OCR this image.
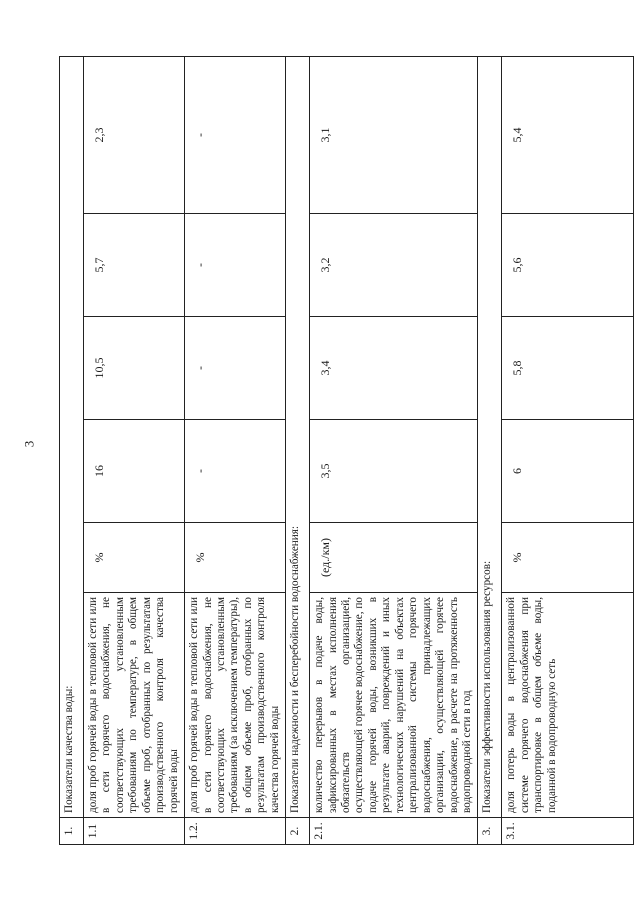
3
1.	Показатели качества воды:					
1.1	доля проб горячей воды в тепловой сети или в сети горячего водоснабжения, не соответствующих установленным требованиям по температуре, в общем объеме проб, отобранных по результатам производственного контроля качества горячей воды	%	16	10,5	5,7	2,3
1.2.	доля проб горячей воды в тепловой сети или в сети горячего водоснабжения, не соответствующих установленным требованиям (за исключением температуры), в общем объеме проб, отобранных по результатам производственного контроля качества горячей воды	%	-	-	-	-
2.	Показатели надежности и бесперебойности водоснабжения:					
2.1.	количество перерывов в подаче воды, зафиксированных в местах исполнения обязательств организацией, осуществляющей горячее водоснабжение, по подаче горячей воды, возникших в результате аварий, повреждений и иных технологических нарушений на объектах централизованной системы горячего водоснабжения, принадлежащих организации, осуществляющей горячее водоснабжение, в расчете на протяженность водопроводной сети в год	(ед./км)	3,5	3,4	3,2	3,1
3.	Показатели эффективности использования ресурсов:					
3.1.	доля потерь воды в централизованной системе горячего водоснабжения при транспортировке в общем объеме воды, поданной в водопроводную сеть	%	6	5,8	5,6	5,4
